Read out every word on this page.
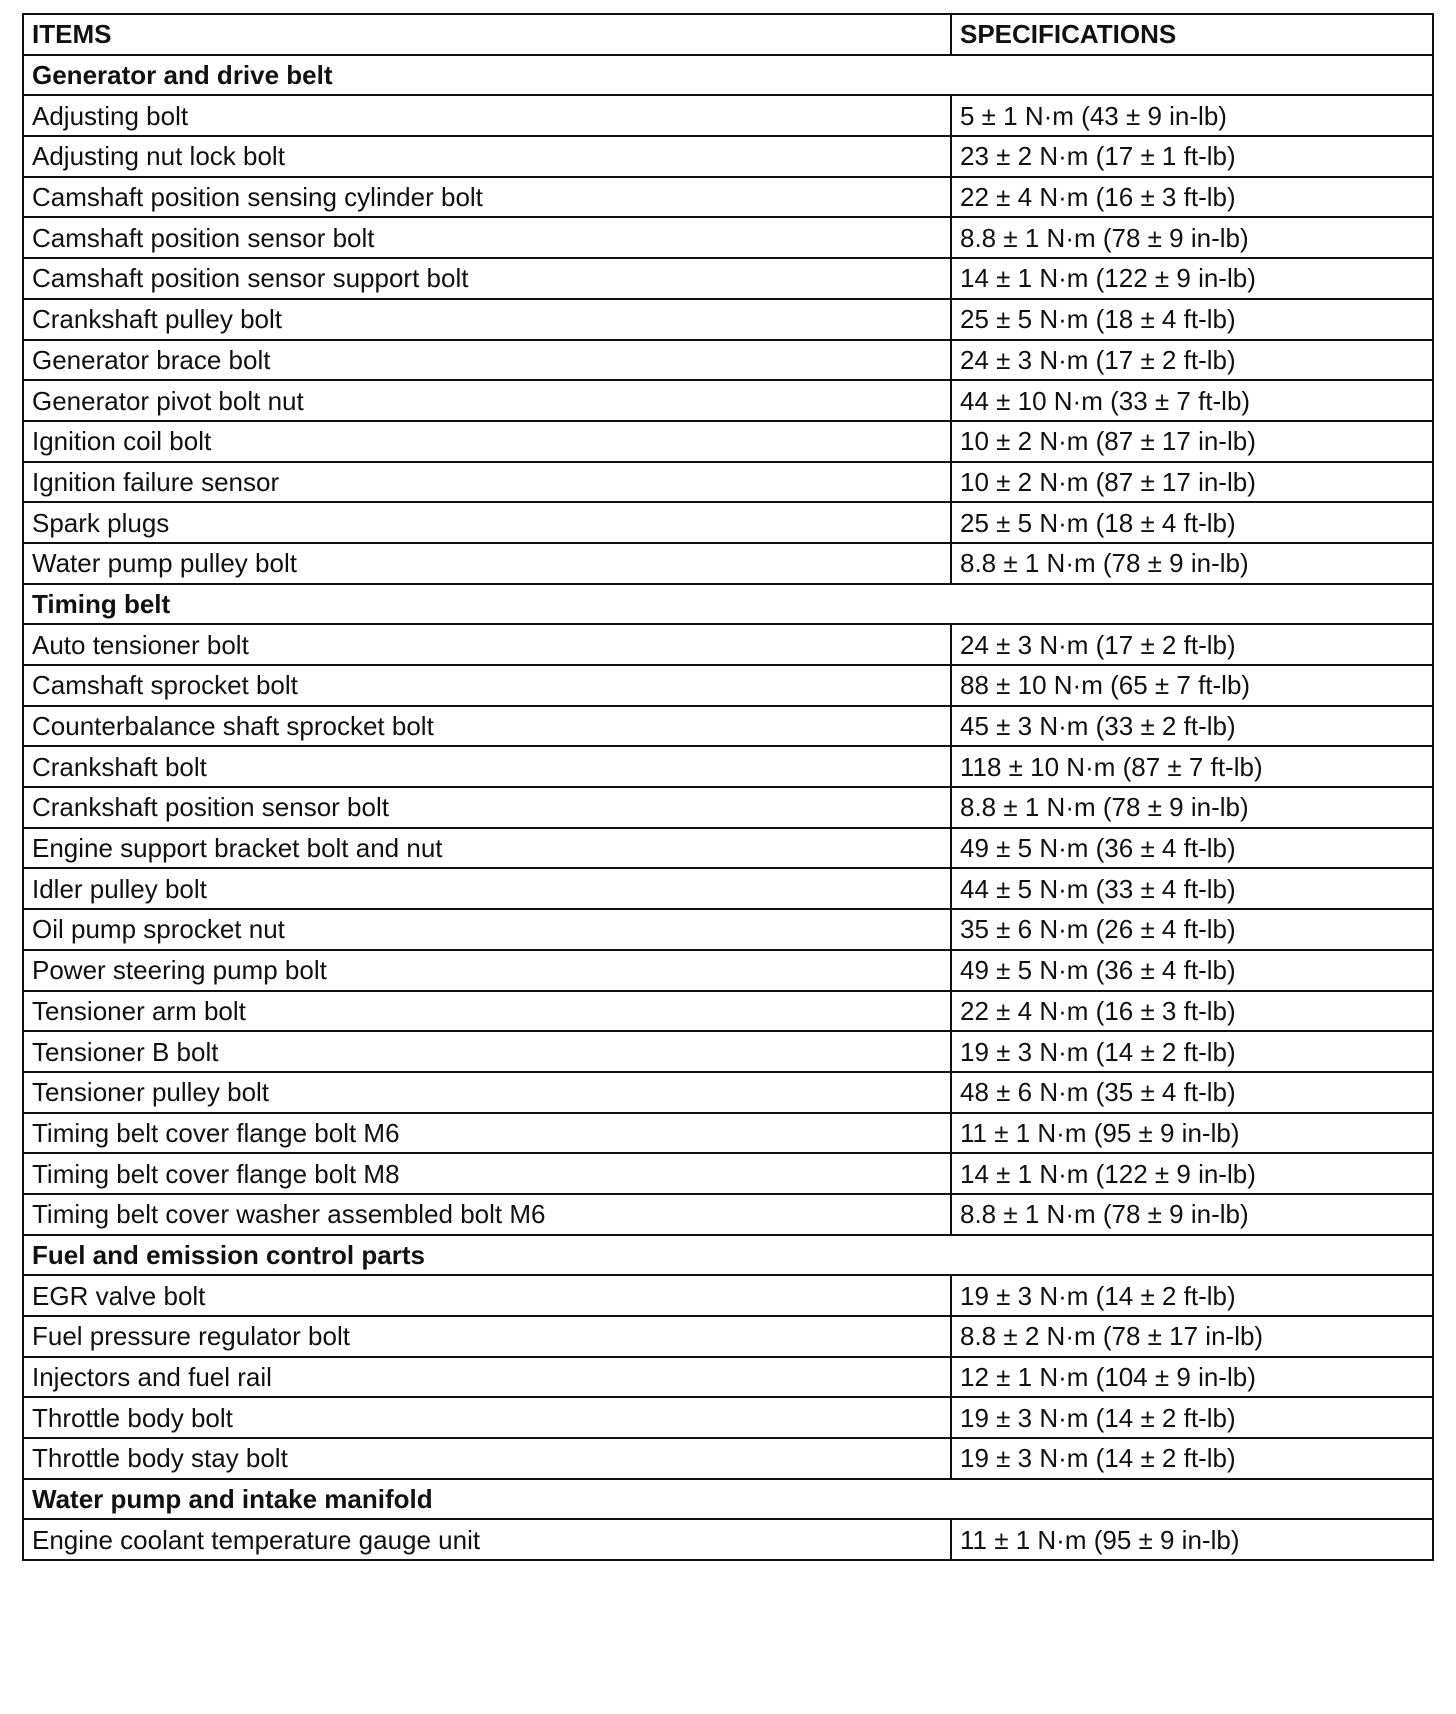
ITEMS	SPECIFICATIONS
Generator and drive belt	
Adjusting bolt	5 ± 1 N·m (43 ± 9 in-lb)
Adjusting nut lock bolt	23 ± 2 N·m (17 ± 1 ft-lb)
Camshaft position sensing cylinder bolt	22 ± 4 N·m (16 ± 3 ft-lb)
Camshaft position sensor bolt	8.8 ± 1 N·m (78 ± 9 in-lb)
Camshaft position sensor support bolt	14 ± 1 N·m (122 ± 9 in-lb)
Crankshaft pulley bolt	25 ± 5 N·m (18 ± 4 ft-lb)
Generator brace bolt	24 ± 3 N·m (17 ± 2 ft-lb)
Generator pivot bolt nut	44 ± 10 N·m (33 ± 7 ft-lb)
Ignition coil bolt	10 ± 2 N·m (87 ± 17 in-lb)
Ignition failure sensor	10 ± 2 N·m (87 ± 17 in-lb)
Spark plugs	25 ± 5 N·m (18 ± 4 ft-lb)
Water pump pulley bolt	8.8 ± 1 N·m (78 ± 9 in-lb)
Timing belt	
Auto tensioner bolt	24 ± 3 N·m (17 ± 2 ft-lb)
Camshaft sprocket bolt	88 ± 10 N·m (65 ± 7 ft-lb)
Counterbalance shaft sprocket bolt	45 ± 3 N·m (33 ± 2 ft-lb)
Crankshaft bolt	118 ± 10 N·m (87 ± 7 ft-lb)
Crankshaft position sensor bolt	8.8 ± 1 N·m (78 ± 9 in-lb)
Engine support bracket bolt and nut	49 ± 5 N·m (36 ± 4 ft-lb)
Idler pulley bolt	44 ± 5 N·m (33 ± 4 ft-lb)
Oil pump sprocket nut	35 ± 6 N·m (26 ± 4 ft-lb)
Power steering pump bolt	49 ± 5 N·m (36 ± 4 ft-lb)
Tensioner arm bolt	22 ± 4 N·m (16 ± 3 ft-lb)
Tensioner B bolt	19 ± 3 N·m (14 ± 2 ft-lb)
Tensioner pulley bolt	48 ± 6 N·m (35 ± 4 ft-lb)
Timing belt cover flange bolt M6	11 ± 1 N·m (95 ± 9 in-lb)
Timing belt cover flange bolt M8	14 ± 1 N·m (122 ± 9 in-lb)
Timing belt cover washer assembled bolt M6	8.8 ± 1 N·m (78 ± 9 in-lb)
Fuel and emission control parts	
EGR valve bolt	19 ± 3 N·m (14 ± 2 ft-lb)
Fuel pressure regulator bolt	8.8 ± 2 N·m (78 ± 17 in-lb)
Injectors and fuel rail	12 ± 1 N·m (104 ± 9 in-lb)
Throttle body bolt	19 ± 3 N·m (14 ± 2 ft-lb)
Throttle body stay bolt	19 ± 3 N·m (14 ± 2 ft-lb)
Water pump and intake manifold	
Engine coolant temperature gauge unit	11 ± 1 N·m (95 ± 9 in-lb)
